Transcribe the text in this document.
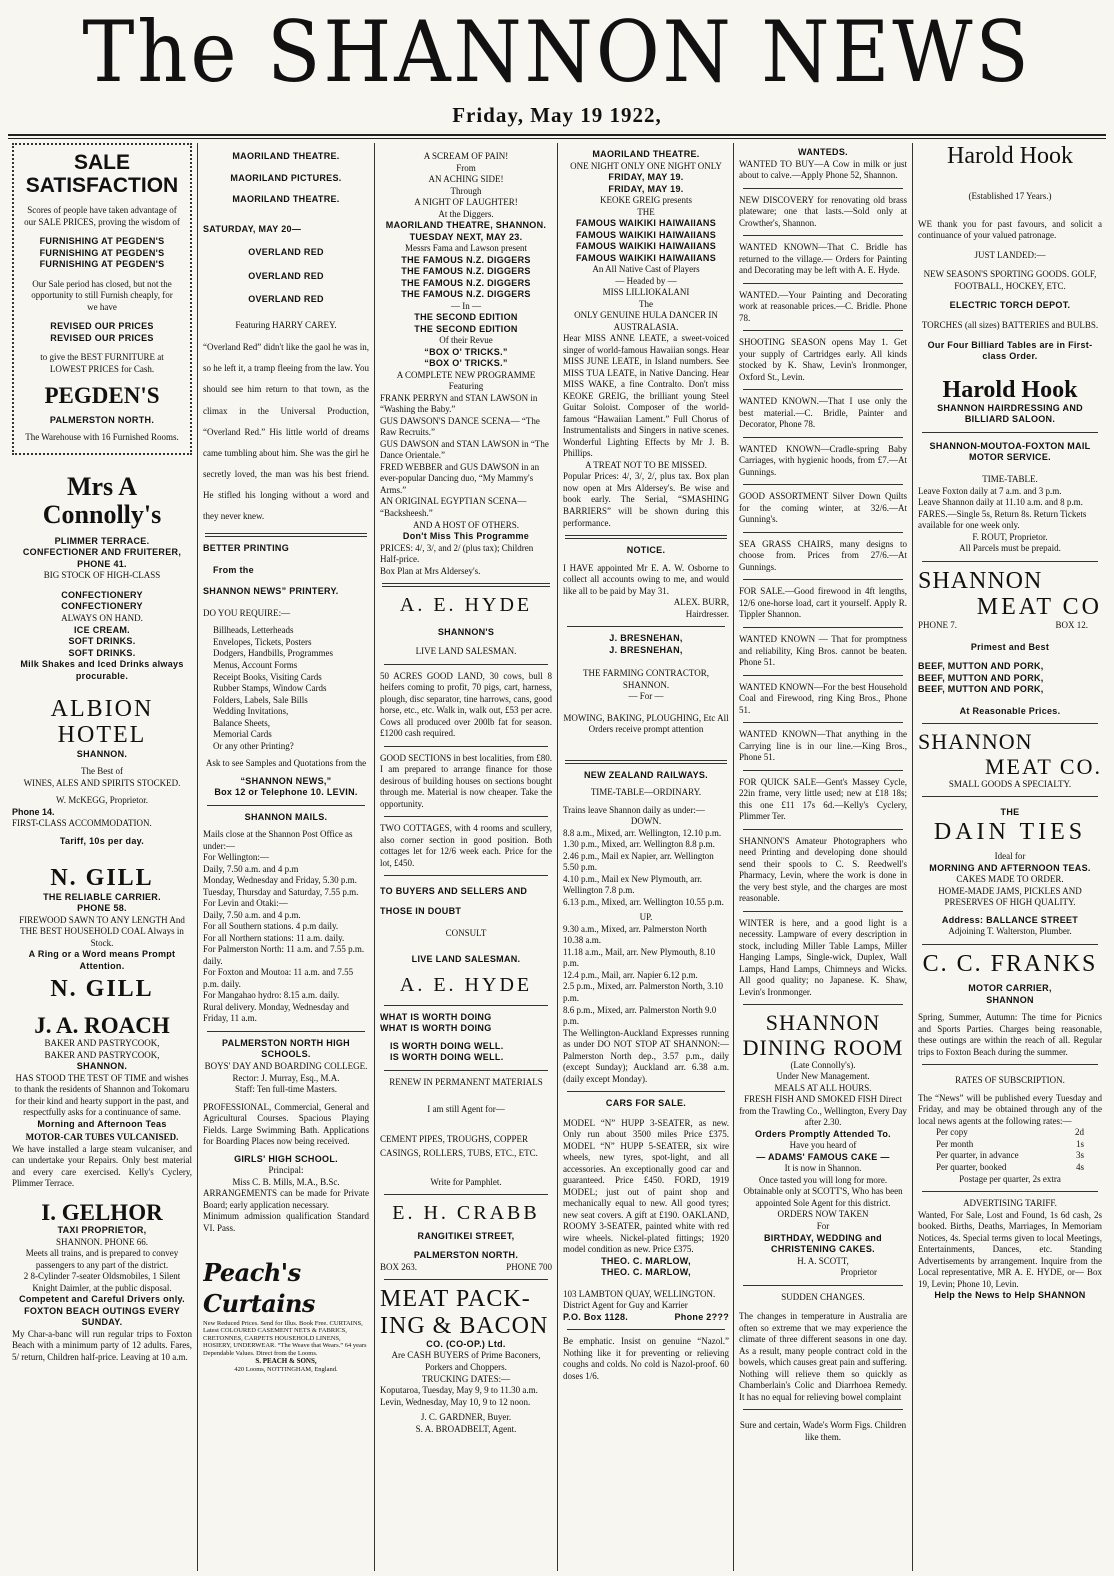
The SHANNON NEWS
Friday, May 19 1922,
SALE SATISFACTION
Scores of people have taken advantage of our SALE PRICES, proving the wisdom of
FURNISHING AT PEGDEN'S
FURNISHING AT PEGDEN'S
FURNISHING AT PEGDEN'S
Our Sale period has closed, but not the opportunity to still Furnish cheaply, for we have
REVISED OUR PRICES
REVISED OUR PRICES
to give the BEST FURNITURE at LOWEST PRICES for Cash.
PEGDEN'S
PALMERSTON NORTH.
The Warehouse with 16 Furnished Rooms.
Mrs A Connolly's
PLIMMER TERRACE.
CONFECTIONER AND FRUITERER,
PHONE 41.
BIG STOCK OF HIGH-CLASS
CONFECTIONERY
CONFECTIONERY
ALWAYS ON HAND.
ICE CREAM.
SOFT DRINKS.
SOFT DRINKS.
Milk Shakes and Iced Drinks always procurable.
ALBION
HOTEL
SHANNON.
The Best of
WINES, ALES AND SPIRITS STOCKED.
W. McKEGG, Proprietor.
Phone 14.
FIRST-CLASS ACCOMMODATION.
Tariff, 10s per day.
N. GILL
THE RELIABLE CARRIER.
PHONE 58.
FIREWOOD SAWN TO ANY LENGTH And THE BEST HOUSEHOLD COAL Always in Stock.
A Ring or a Word means Prompt Attention.
N. GILL
J. A. ROACH
BAKER AND PASTRYCOOK,
BAKER AND PASTRYCOOK,
SHANNON.
HAS STOOD THE TEST OF TIME and wishes to thank the residents of Shannon and Tokomaru for their kind and hearty support in the past, and respectfully asks for a continuance of same.
Morning and Afternoon Teas
MOTOR-CAR TUBES VULCANISED.
We have installed a large steam vulcaniser, and can undertake your Repairs. Only best material and every care exercised. Kelly's Cyclery, Plimmer Terrace.
I. GELHOR
TAXI PROPRIETOR,
SHANNON. PHONE 66.
Meets all trains, and is prepared to convey passengers to any part of the district.
2 8-Cylinder 7-seater Oldsmobiles, 1 Silent Knight Daimler, at the public disposal.
Competent and Careful Drivers only. FOXTON BEACH OUTINGS EVERY SUNDAY.
My Char-a-banc will run regular trips to Foxton Beach with a minimum party of 12 adults. Fares, 5/ return, Children half-price. Leaving at 10 a.m.
MAORILAND THEATRE.
MAORILAND PICTURES.
MAORILAND THEATRE.
SATURDAY, MAY 20—
OVERLAND RED
OVERLAND RED
OVERLAND RED
Featuring HARRY CAREY.
“Overland Red” didn't like the gaol he was in, so he left it, a tramp fleeing from the law. You should see him return to that town, as the climax in the Universal Production, “Overland Red.” His little world of dreams came tumbling about him. She was the girl he secretly loved, the man was his best friend. He stifled his longing without a word and they never knew.
BETTER PRINTING
From the
SHANNON NEWS” PRINTERY.
DO YOU REQUIRE:—
Billheads, Letterheads
Envelopes, Tickets, Posters
Dodgers, Handbills, Programmes
Menus, Account Forms
Receipt Books, Visiting Cards
Rubber Stamps, Window Cards
Folders, Labels, Sale Bills
Wedding Invitations,
Balance Sheets,
Memorial Cards
Or any other Printing?
Ask to see Samples and Quotations from the
“SHANNON NEWS,”
Box 12 or Telephone 10. LEVIN.
SHANNON MAILS.
Mails close at the Shannon Post Office as under:—
For Wellington:—
Daily, 7.50 a.m. and 4 p.m
Monday, Wednesday and Friday, 5.30 p.m.
Tuesday, Thursday and Saturday, 7.55 p.m.
For Levin and Otaki:—
Daily, 7.50 a.m. and 4 p.m.
For all Southern stations. 4 p.m daily.
For all Northern stations: 11 a.m. daily.
For Palmerston North: 11 a.m. and 7.55 p.m. daily.
For Foxton and Moutoa: 11 a.m. and 7.55 p.m. daily.
For Mangahao hydro: 8.15 a.m. daily.
Rural delivery. Monday, Wednesday and Friday, 11 a.m.
PALMERSTON NORTH HIGH SCHOOLS.
BOYS' DAY AND BOARDING COLLEGE.
Rector: J. Murray, Esq., M.A.
Staff: Ten full-time Masters.
PROFESSIONAL, Commercial, General and Agricultural Courses. Spacious Playing Fields. Large Swimming Bath. Applications for Boarding Places now being received.
GIRLS' HIGH SCHOOL.
Principal:
Miss C. B. Mills, M.A., B.Sc.
ARRANGEMENTS can be made for Private Board; early application necessary.
Minimum admission qualification Standard VI. Pass.
Peach's Curtains
New Reduced Prices. Send for Illus. Book Free. CURTAINS, Latest COLOURED CASEMENT NETS & FABRICS, CRETONNES, CARPETS HOUSEHOLD LINENS, HOSIERY, UNDERWEAR. “The Weave that Wears.” 64 years Dependable Values. Direct from the Looms.
S. PEACH & SONS,
420 Looms, NOTTINGHAM, England.
A SCREAM OF PAIN!
From
AN ACHING SIDE!
Through
A NIGHT OF LAUGHTER!
At the Diggers.
MAORILAND THEATRE, SHANNON.
TUESDAY NEXT, MAY 23.
Messrs Fama and Lawson present
THE FAMOUS N.Z. DIGGERS
THE FAMOUS N.Z. DIGGERS
THE FAMOUS N.Z. DIGGERS
THE FAMOUS N.Z. DIGGERS
— In —
THE SECOND EDITION
THE SECOND EDITION
Of their Revue
“BOX O' TRICKS.”
“BOX O' TRICKS.”
A COMPLETE NEW PROGRAMME
Featuring
FRANK PERRYN and STAN LAWSON in “Washing the Baby.”
GUS DAWSON'S DANCE SCENA— “The Raw Recruits.”
GUS DAWSON and STAN LAWSON in “The Dance Orientale.”
FRED WEBBER and GUS DAWSON in an ever-popular Dancing duo, “My Mammy's Arms.”
AN ORIGINAL EGYPTIAN SCENA— “Backsheesh.”
AND A HOST OF OTHERS.
Don't Miss This Programme
PRICES: 4/, 3/, and 2/ (plus tax); Children Half-price.
Box Plan at Mrs Aldersey's.
A. E. HYDE
SHANNON'S
LIVE LAND SALESMAN.
50 ACRES GOOD LAND, 30 cows, bull 8 heifers coming to profit, 70 pigs, cart, harness, plough, disc separator, tine harrows, cans, good horse, etc., etc. Walk in, walk out, £53 per acre. Cows all produced over 200lb fat for season. £1200 cash required.
GOOD SECTIONS in best localities, from £80. I am prepared to arrange finance for those desirous of building houses on sections bought through me. Material is now cheaper. Take the opportunity.
TWO COTTAGES, with 4 rooms and scullery, also corner section in good position. Both cottages let for 12/6 week each. Price for the lot, £450.
TO BUYERS AND SELLERS AND THOSE IN DOUBT
CONSULT
LIVE LAND SALESMAN.
A. E. HYDE
WHAT IS WORTH DOING
WHAT IS WORTH DOING
IS WORTH DOING WELL.
IS WORTH DOING WELL.
RENEW IN PERMANENT MATERIALS
I am still Agent for—
CEMENT PIPES, TROUGHS, COPPER CASINGS, ROLLERS, TUBS, ETC., ETC.
Write for Pamphlet.
E. H. CRABB
RANGITIKEI STREET,
PALMERSTON NORTH.
BOX 263.	PHONE 700
MEAT PACK-
ING & BACON
CO. (CO-OP.) Ltd.
Are CASH BUYERS of Prime Baconers, Porkers and Choppers.
TRUCKING DATES:—
Koputaroa, Tuesday, May 9, 9 to 11.30 a.m.
Levin, Wednesday, May 10, 9 to 12 noon.
J. C. GARDNER, Buyer.
S. A. BROADBELT, Agent.
MAORILAND THEATRE.
ONE NIGHT ONLY ONE NIGHT ONLY
FRIDAY, MAY 19.
FRIDAY, MAY 19.
KEOKE GREIG presents
THE
FAMOUS WAIKIKI HAIWAIIANS
FAMOUS WAIKIKI HAIWAIIANS
FAMOUS WAIKIKI HAIWAIIANS
FAMOUS WAIKIKI HAIWAIIANS
An All Native Cast of Players
— Headed by —
MISS LILLIOKALANI
The
ONLY GENUINE HULA DANCER IN AUSTRALASIA.
Hear MISS ANNE LEATE, a sweet-voiced singer of world-famous Hawaiian songs. Hear MISS JUNE LEATE, in Island numbers. See MISS TUA LEATE, in Native Dancing. Hear MISS WAKE, a fine Contralto. Don't miss KEOKE GREIG, the brilliant young Steel Guitar Soloist. Composer of the world-famous “Hawaiian Lament.” Full Chorus of Instrumentalists and Singers in native scenes. Wonderful Lighting Effects by Mr J. B. Phillips.
A TREAT NOT TO BE MISSED.
Popular Prices: 4/, 3/, 2/, plus tax. Box plan now open at Mrs Aldersey's. Be wise and book early. The Serial, “SMASHING BARRIERS” will be shown during this performance.
NOTICE.
I HAVE appointed Mr E. A. W. Osborne to collect all accounts owing to me, and would like all to be paid by May 31.
ALEX. BURR,
Hairdresser.
J. BRESNEHAN,
J. BRESNEHAN,
THE FARMING CONTRACTOR, SHANNON.
— For —
MOWING, BAKING, PLOUGHING, Etc All Orders receive prompt attention
NEW ZEALAND RAILWAYS.
TIME-TABLE—ORDINARY.
Trains leave Shannon daily as under:—
DOWN.
8.8 a.m., Mixed, arr. Wellington, 12.10 p.m.
1.30 p.m., Mixed, arr. Wellington 8.8 p.m.
2.46 p.m., Mail ex Napier, arr. Wellington 5.50 p.m.
4.10 p.m., Mail ex New Plymouth, arr. Wellington 7.8 p.m.
6.13 p.m., Mixed, arr. Wellington 10.55 p.m.
UP.
9.30 a.m., Mixed, arr. Palmerston North 10.38 a.m.
11.18 a.m., Mail, arr. New Plymouth, 8.10 p.m.
12.4 p.m., Mail, arr. Napier 6.12 p.m.
2.5 p.m., Mixed, arr. Palmerston North, 3.10 p.m.
8.6 p.m., Mixed, arr. Palmerston North 9.0 p.m.
The Wellington-Auckland Expresses running as under DO NOT STOP AT SHANNON:— Palmerston North dep., 3.57 p.m., daily (except Sunday); Auckland arr. 6.38 a.m. (daily except Monday).
CARS FOR SALE.
MODEL “N” HUPP 3-SEATER, as new. Only run about 3500 miles Price £375. MODEL “N” HUPP 5-SEATER, six wire wheels, new tyres, spot-light, and all accessories. An exceptionally good car and guaranteed. Price £450. FORD, 1919 MODEL; just out of paint shop and mechanically equal to new. All good tyres; new seat covers. A gift at £190. OAKLAND, ROOMY 3-SEATER, painted white with red wire wheels. Nickel-plated fittings; 1920 model condition as new. Price £375.
THEO. C. MARLOW,
THEO. C. MARLOW,
103 LAMBTON QUAY, WELLINGTON. District Agent for Guy and Karrier
P.O. Box 1128.	Phone 2???
Be emphatic. Insist on genuine “Nazol.” Nothing like it for preventing or relieving coughs and colds. No cold is Nazol-proof. 60 doses 1/6.
WANTEDS.
WANTED TO BUY—A Cow in milk or just about to calve.—Apply Phone 52, Shannon.
NEW DISCOVERY for renovating old brass plateware; one that lasts.—Sold only at Crowther's, Shannon.
WANTED KNOWN—That C. Bridle has returned to the village.— Orders for Painting and Decorating may be left with A. E. Hyde.
WANTED.—Your Painting and Decorating work at reasonable prices.—C. Bridle. Phone 78.
SHOOTING SEASON opens May 1. Get your supply of Cartridges early. All kinds stocked by K. Shaw, Levin's Ironmonger, Oxford St., Levin.
WANTED KNOWN.—That I use only the best material.—C. Bridle, Painter and Decorator, Phone 78.
WANTED KNOWN—Cradle-spring Baby Carriages, with hygienic hoods, from £7.—At Gunnings.
GOOD ASSORTMENT Silver Down Quilts for the coming winter, at 32/6.—At Gunning's.
SEA GRASS CHAIRS, many designs to choose from. Prices from 27/6.—At Gunnings.
FOR SALE.—Good firewood in 4ft lengths, 12/6 one-horse load, cart it yourself. Apply R. Tippler Shannon.
WANTED KNOWN — That for promptness and reliability, King Bros. cannot be beaten. Phone 51.
WANTED KNOWN—For the best Household Coal and Firewood, ring King Bros., Phone 51.
WANTED KNOWN—That anything in the Carrying line is in our line.—King Bros., Phone 51.
FOR QUICK SALE—Gent's Massey Cycle, 22in frame, very little used; new at £18 18s; this one £11 17s 6d.—Kelly's Cyclery, Plimmer Ter.
SHANNON'S Amateur Photographers who need Printing and developing done should send their spools to C. S. Reedwell's Pharmacy, Levin, where the work is done in the very best style, and the charges are most reasonable.
WINTER is here, and a good light is a necessity. Lampware of every description in stock, including Miller Table Lamps, Miller Hanging Lamps, Single-wick, Duplex, Wall Lamps, Hand Lamps, Chimneys and Wicks. All good quality; no Japanese. K. Shaw, Levin's Ironmonger.
SHANNON
DINING ROOM
(Late Connolly's).
Under New Management.
MEALS AT ALL HOURS.
FRESH FISH AND SMOKED FISH Direct from the Trawling Co., Wellington, Every Day after 2.30.
Orders Promptly Attended To.
Have you heard of
— ADAMS' FAMOUS CAKE —
It is now in Shannon.
Once tasted you will long for more. Obtainable only at SCOTT'S, Who has been appointed Sole Agent for this district.
ORDERS NOW TAKEN
For
BIRTHDAY, WEDDING and CHRISTENING CAKES.
H. A. SCOTT,
Proprietor
SUDDEN CHANGES.
The changes in temperature in Australia are often so extreme that we may experience the climate of three different seasons in one day. As a result, many people contract cold in the bowels, which causes great pain and suffering. Nothing will relieve them so quickly as Chamberlain's Colic and Diarrhoea Remedy. It has no equal for relieving bowel complaint
Sure and certain, Wade's Worm Figs. Children like them.
Harold Hook
(Established 17 Years.)
WE thank you for past favours, and solicit a continuance of your valued patronage.
JUST LANDED:—
NEW SEASON'S SPORTING GOODS. GOLF, FOOTBALL, HOCKEY, ETC.
ELECTRIC TORCH DEPOT.
TORCHES (all sizes) BATTERIES and BULBS.
Our Four Billiard Tables are in First-class Order.
Harold Hook
SHANNON HAIRDRESSING AND BILLIARD SALOON.
SHANNON-MOUTOA-FOXTON MAIL MOTOR SERVICE.
TIME-TABLE.
Leave Foxton daily at 7 a.m. and 3 p.m.
Leave Shannon daily at 11.10 a.m. and 8 p.m.
FARES.—Single 5s, Return 8s. Return Tickets available for one week only.
F. ROUT, Proprietor.
All Parcels must be prepaid.
SHANNON
MEAT CO
PHONE 7.	BOX 12.
Primest and Best
BEEF, MUTTON AND PORK,
BEEF, MUTTON AND PORK,
BEEF, MUTTON AND PORK,
At Reasonable Prices.
SHANNON
MEAT CO.
SMALL GOODS A SPECIALTY.
THE
DAIN TIES
Ideal for
MORNING AND AFTERNOON TEAS.
CAKES MADE TO ORDER.
HOME-MADE JAMS, PICKLES AND PRESERVES OF HIGH QUALITY.
Address: BALLANCE STREET
Adjoining T. Walterston, Plumber.
C. C. FRANKS
MOTOR CARRIER,
SHANNON
Spring, Summer, Autumn: The time for Picnics and Sports Parties. Charges being reasonable, these outings are within the reach of all. Regular trips to Foxton Beach during the summer.
RATES OF SUBSCRIPTION.
The “News” will be published every Tuesday and Friday, and may be obtained through any of the local news agents at the following rates:—
Per copy	2d
Per month	1s
Per quarter, in advance	3s
Per quarter, booked	4s
Postage per quarter, 2s extra
ADVERTISING TARIFF.
Wanted, For Sale, Lost and Found, 1s 6d cash, 2s booked. Births, Deaths, Marriages, In Memoriam Notices, 4s. Special terms given to local Meetings, Entertainments, Dances, etc. Standing Advertisements by arrangement. Inquire from the Local representative, MR A. E. HYDE, or— Box 19, Levin; Phone 10, Levin.
Help the News to Help SHANNON
